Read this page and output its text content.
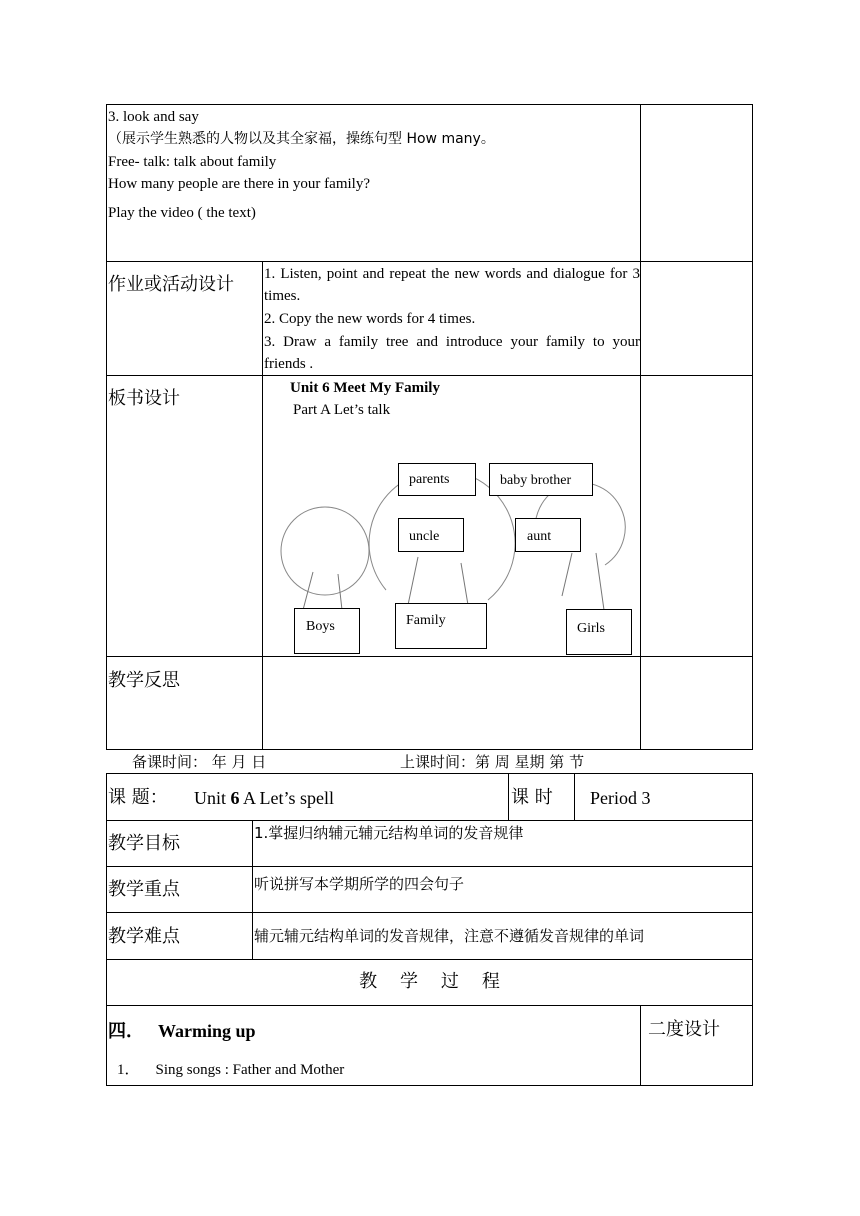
3. look and say
（展示学生熟悉的人物以及其全家福，操练句型 How many。
Free- talk: talk about family
How many people are there in your family?
Play the video ( the text)
作业或活动设计 1. Listen, point and repeat the new words and dialogue for 3 times.
2. Copy the new words for 4 times.
3. Draw a family tree and introduce your family to your friends .
板书设计	Unit 6 Meet My Family
Part A Let’s talk
parents	baby brother
uncle	aunt
Boys	Family
Girls
教学反思
备课时间： 年 月 日	上课时间：第 周 星期 第 节
课 题： Unit 6 A Let’s spell	课 时 Period 3
教学目标	1.掌握归纳辅元辅元结构单词的发音规律
教学重点	听说拼写本学期所学的四会句子
教学难点	辅元辅元结构单词的发音规律，注意不遵循发音规律的单词
教    学    过    程
四． Warming up	二度设计
1． Sing songs : Father and Mother
